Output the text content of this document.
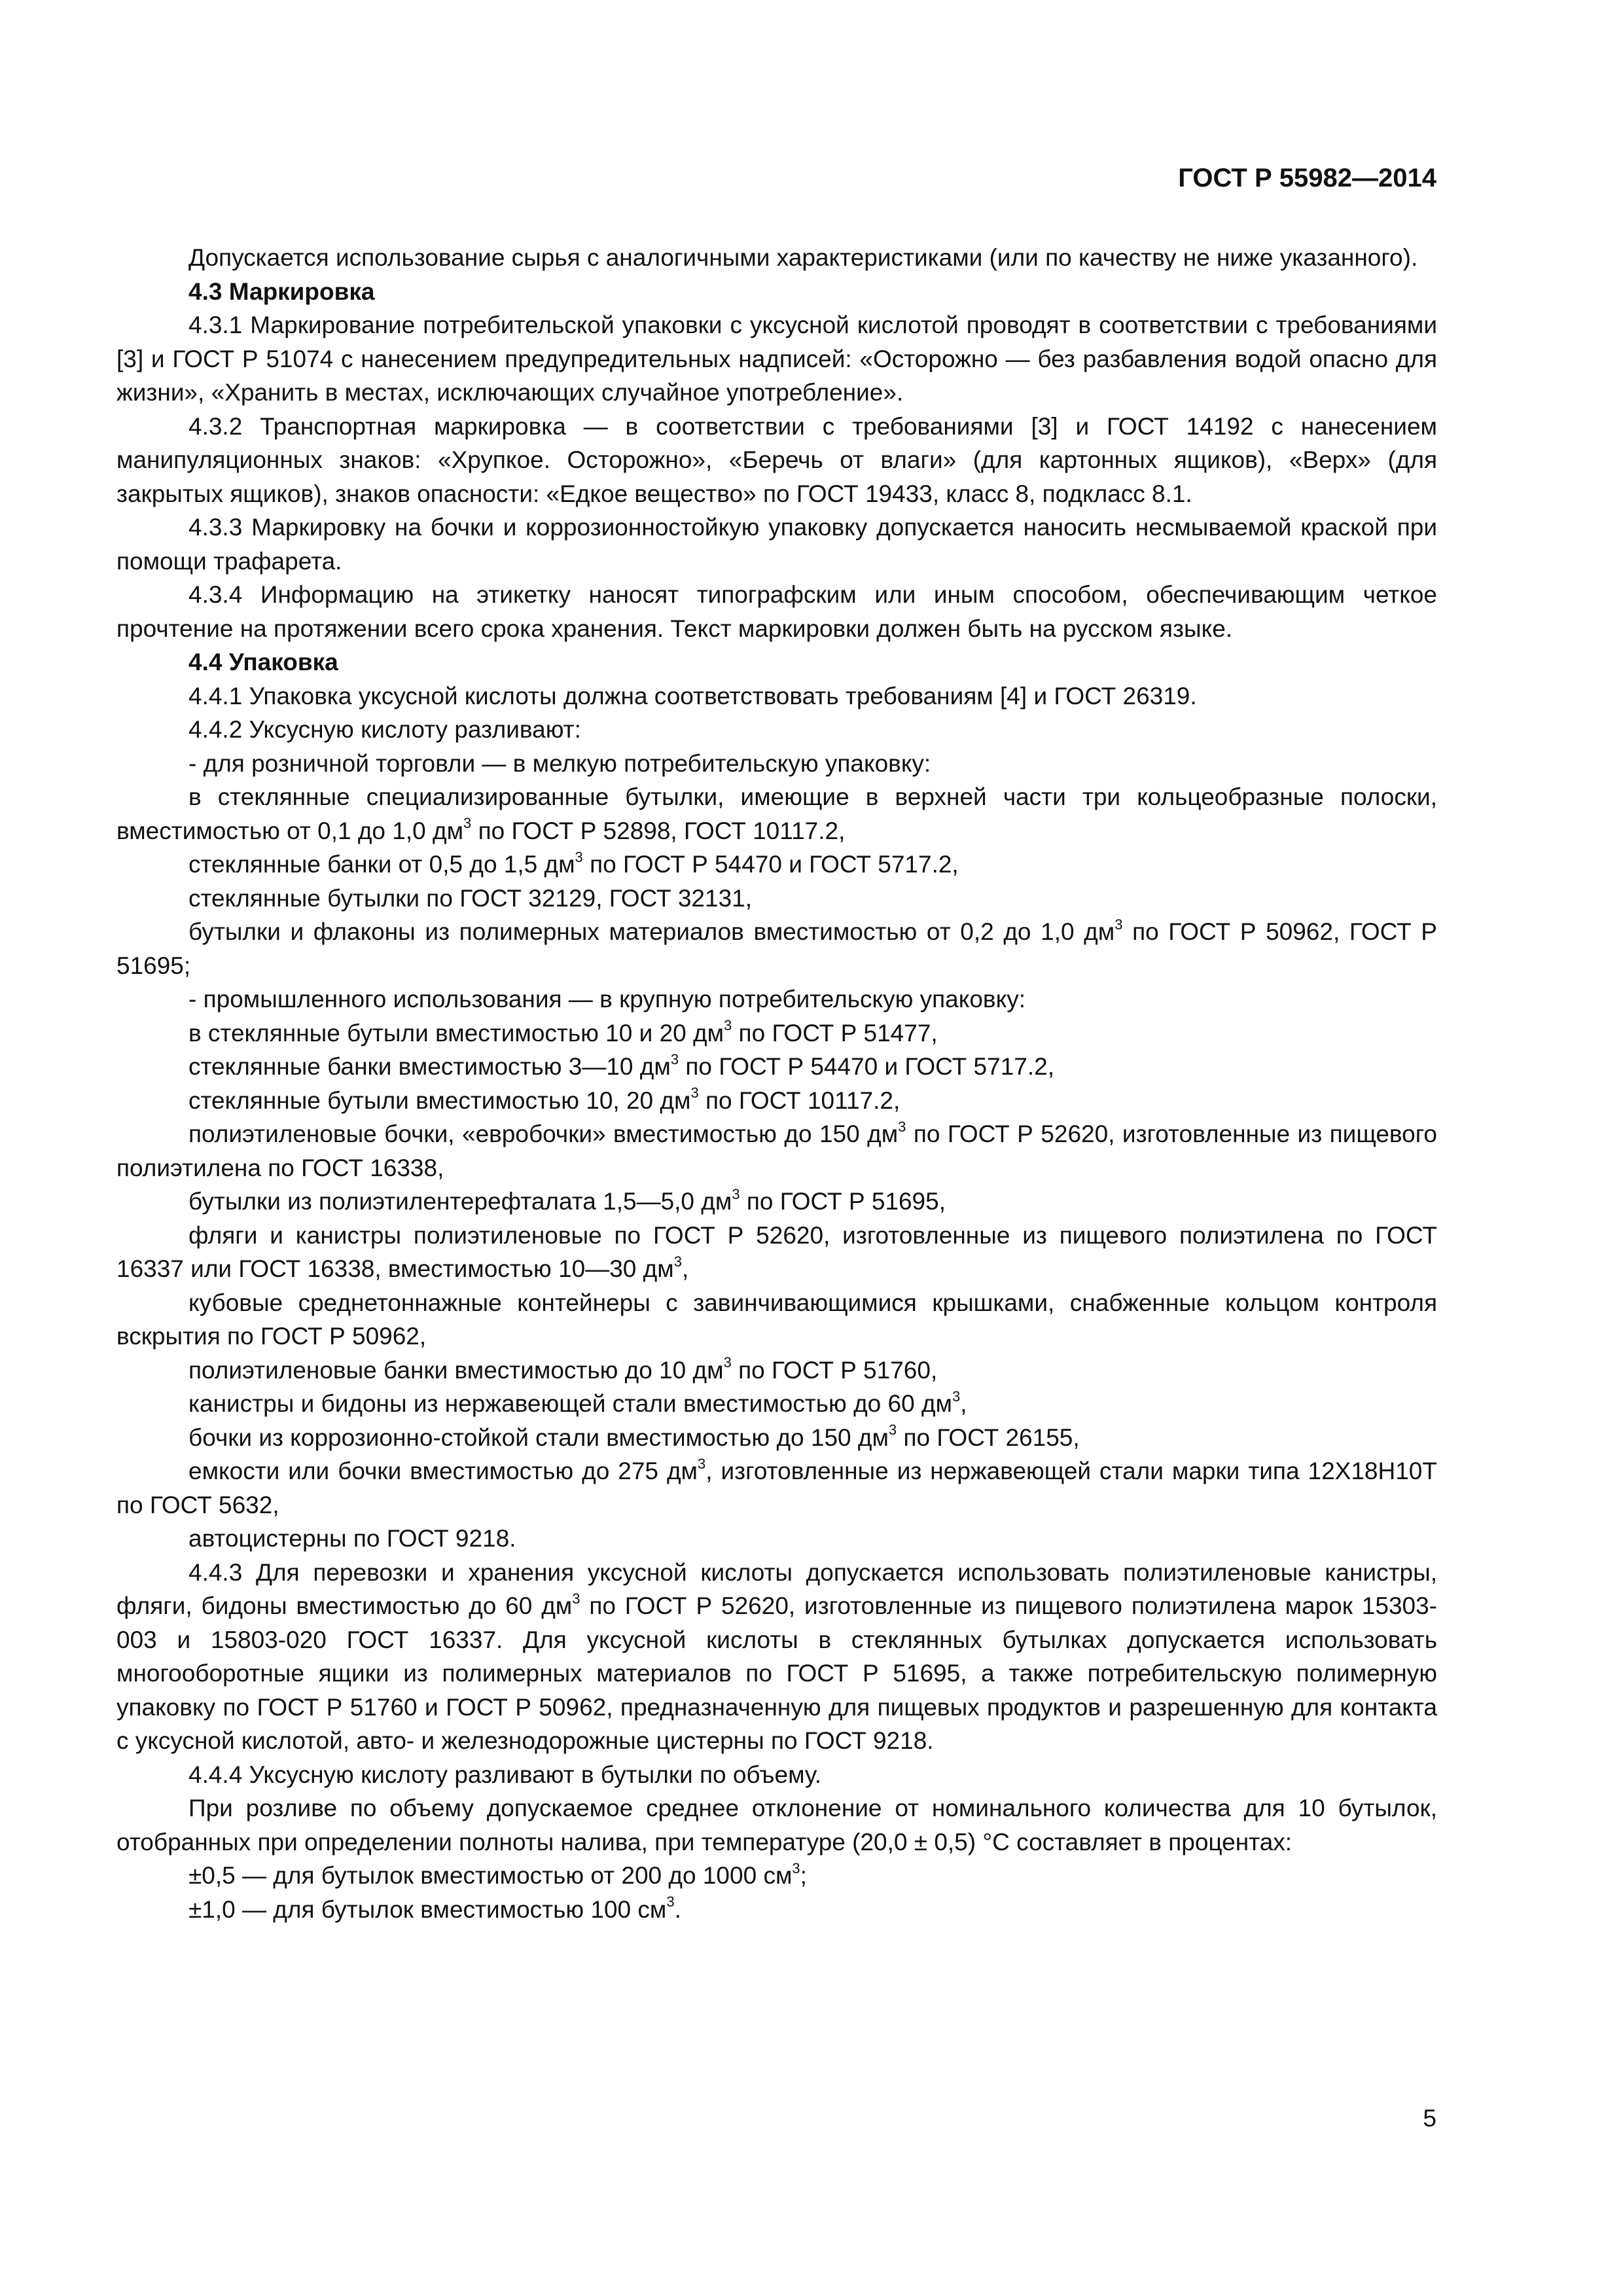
ГОСТ Р 55982—2014

Допускается использование сырья с аналогичными характеристиками (или по качеству не ниже указанного).

4.3 Маркировка

4.3.1 Маркирование потребительской упаковки с уксусной кислотой проводят в соответствии с требованиями [3] и ГОСТ Р 51074 с нанесением предупредительных надписей: «Осторожно — без разбавления водой опасно для жизни», «Хранить в местах, исключающих случайное употребление».

4.3.2 Транспортная маркировка — в соответствии с требованиями [3] и ГОСТ 14192 с нанесением манипуляционных знаков: «Хрупкое. Осторожно», «Беречь от влаги» (для картонных ящиков), «Верх» (для закрытых ящиков), знаков опасности: «Едкое вещество» по ГОСТ 19433, класс 8, подкласс 8.1.

4.3.3 Маркировку на бочки и коррозионностойкую упаковку допускается наносить несмываемой краской при помощи трафарета.

4.3.4 Информацию на этикетку наносят типографским или иным способом, обеспечивающим четкое прочтение на протяжении всего срока хранения. Текст маркировки должен быть на русском языке.

4.4 Упаковка

4.4.1 Упаковка уксусной кислоты должна соответствовать требованиям [4] и ГОСТ 26319.

4.4.2 Уксусную кислоту разливают:

- для розничной торговли — в мелкую потребительскую упаковку:

в стеклянные специализированные бутылки, имеющие в верхней части три кольцеобразные полоски, вместимостью от 0,1 до 1,0 $дм^3$ по ГОСТ Р 52898, ГОСТ 10117.2,

стеклянные банки от 0,5 до 1,5 $дм^3$ по ГОСТ Р 54470 и ГОСТ 5717.2,

стеклянные бутылки по ГОСТ 32129, ГОСТ 32131,

бутылки и флаконы из полимерных материалов вместимостью от 0,2 до 1,0 $дм^3$ по ГОСТ Р 50962, ГОСТ Р 51695;

- промышленного использования — в крупную потребительскую упаковку:

в стеклянные бутыли вместимостью 10 и 20 $дм^3$ по ГОСТ Р 51477,

стеклянные банки вместимостью 3—10 $дм^3$ по ГОСТ Р 54470 и ГОСТ 5717.2,

стеклянные бутыли вместимостью 10, 20 $дм^3$ по ГОСТ 10117.2,

полиэтиленовые бочки, «евробочки» вместимостью до 150 $дм^3$ по ГОСТ Р 52620, изготовленные из пищевого полиэтилена по ГОСТ 16338,

бутылки из полиэтилентерефталата 1,5—5,0 $дм^3$ по ГОСТ Р 51695,

фляги и канистры полиэтиленовые по ГОСТ Р 52620, изготовленные из пищевого полиэтилена по ГОСТ 16337 или ГОСТ 16338, вместимостью 10—30 $дм^3$,

кубовые среднетоннажные контейнеры с завинчивающимися крышками, снабженные кольцом контроля вскрытия по ГОСТ Р 50962,

полиэтиленовые банки вместимостью до 10 $дм^3$ по ГОСТ Р 51760,

канистры и бидоны из нержавеющей стали вместимостью до 60 $дм^3$,

бочки из коррозионно-стойкой стали вместимостью до 150 $дм^3$ по ГОСТ 26155,

емкости или бочки вместимостью до 275 $дм^3$, изготовленные из нержавеющей стали марки типа 12Х18Н10Т по ГОСТ 5632,

автоцистерны по ГОСТ 9218.

4.4.3 Для перевозки и хранения уксусной кислоты допускается использовать полиэтиленовые канистры, фляги, бидоны вместимостью до 60 $дм^3$ по ГОСТ Р 52620, изготовленные из пищевого полиэтилена марок 15303-003 и 15803-020 ГОСТ 16337. Для уксусной кислоты в стеклянных бутылках допускается использовать многооборотные ящики из полимерных материалов по ГОСТ Р 51695, а также потребительскую полимерную упаковку по ГОСТ Р 51760 и ГОСТ Р 50962, предназначенную для пищевых продуктов и разрешенную для контакта с уксусной кислотой, авто- и железнодорожные цистерны по ГОСТ 9218.

4.4.4 Уксусную кислоту разливают в бутылки по объему.

При розливе по объему допускаемое среднее отклонение от номинального количества для 10 бутылок, отобранных при определении полноты налива, при температуре (20,0 ± 0,5) °С составляет в процентах:

±0,5 — для бутылок вместимостью от 200 до 1000 $см^3$;

±1,0 — для бутылок вместимостью 100 $см^3$.

5
